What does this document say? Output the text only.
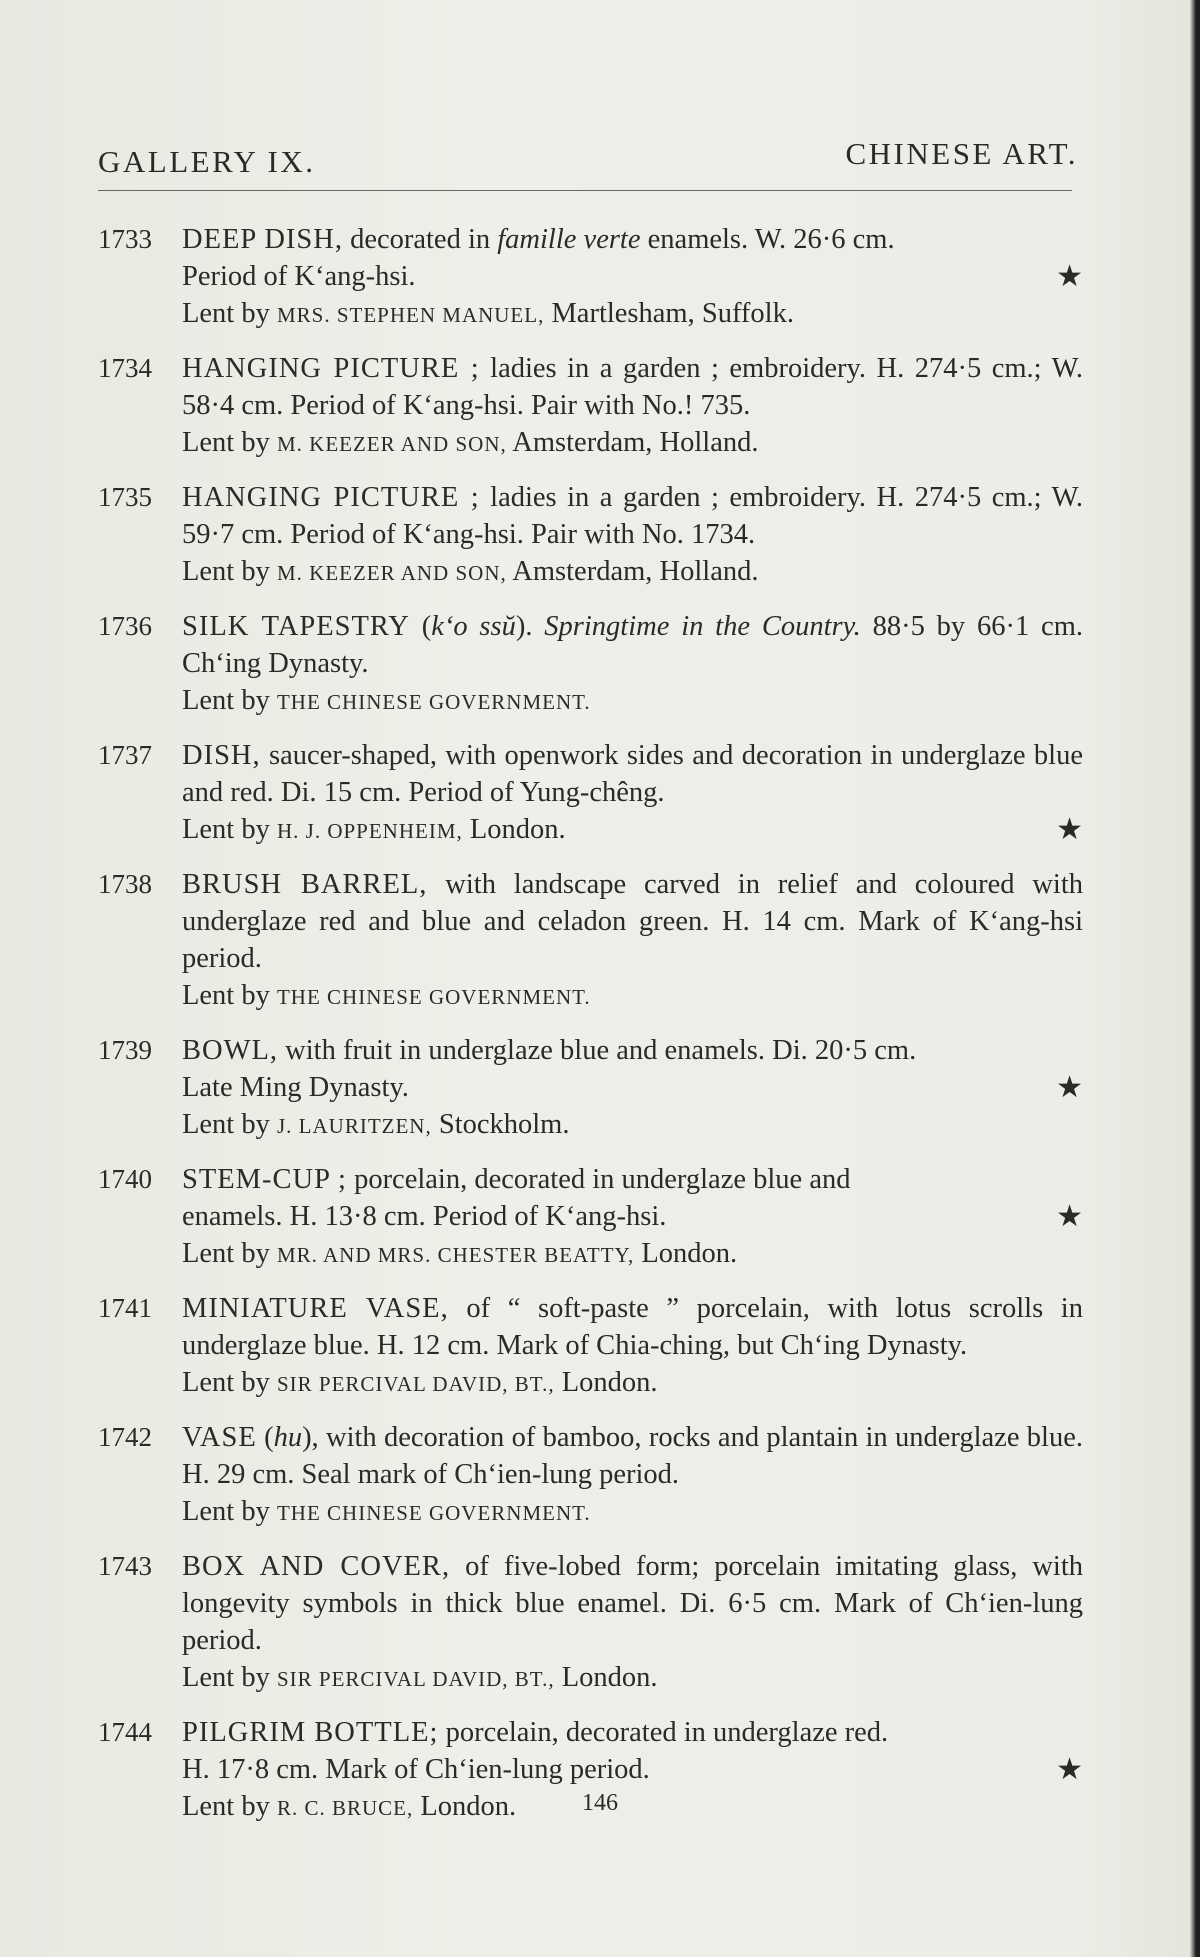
GALLERY IX.	CHINESE ART.
1733 DEEP DISH, decorated in famille verte enamels. W. 26·6 cm.
Period of K‘ang-hsi.	★
Lent by MRS. STEPHEN MANUEL, Martlesham, Suffolk.
1734 HANGING PICTURE ; ladies in a garden ; embroidery. H. 274·5 cm.; W. 58·4 cm. Period of K‘ang-hsi. Pair with No.! 735.
Lent by M. KEEZER AND SON, Amsterdam, Holland.
1735 HANGING PICTURE ; ladies in a garden ; embroidery. H. 274·5 cm.; W. 59·7 cm. Period of K‘ang-hsi. Pair with No. 1734.
Lent by M. KEEZER AND SON, Amsterdam, Holland.
1736 SILK TAPESTRY (k‘o ssŭ). Springtime in the Country. 88·5 by 66·1 cm. Ch‘ing Dynasty.
Lent by THE CHINESE GOVERNMENT.
1737 DISH, saucer-shaped, with openwork sides and decoration in underglaze blue and red. Di. 15 cm. Period of Yung-chêng.
Lent by H. J. OPPENHEIM, London.	★
1738 BRUSH BARREL, with landscape carved in relief and coloured with underglaze red and blue and celadon green. H. 14 cm. Mark of K‘ang-hsi period.
Lent by THE CHINESE GOVERNMENT.
1739 BOWL, with fruit in underglaze blue and enamels. Di. 20·5 cm.
Late Ming Dynasty.	★
Lent by J. LAURITZEN, Stockholm.
1740 STEM-CUP ; porcelain, decorated in underglaze blue and
enamels. H. 13·8 cm. Period of K‘ang-hsi.	★
Lent by MR. AND MRS. CHESTER BEATTY, London.
1741 MINIATURE VASE, of “ soft-paste ” porcelain, with lotus scrolls in underglaze blue. H. 12 cm. Mark of Chia-ching, but Ch‘ing Dynasty.
Lent by SIR PERCIVAL DAVID, BT., London.
1742 VASE (hu), with decoration of bamboo, rocks and plantain in underglaze blue. H. 29 cm. Seal mark of Ch‘ien-lung period.
Lent by THE CHINESE GOVERNMENT.
1743 BOX AND COVER, of five-lobed form; porcelain imitating glass, with longevity symbols in thick blue enamel. Di. 6·5 cm. Mark of Ch‘ien-lung period.
Lent by SIR PERCIVAL DAVID, BT., London.
1744 PILGRIM BOTTLE; porcelain, decorated in underglaze red.
H. 17·8 cm. Mark of Ch‘ien-lung period.	★
Lent by R. C. BRUCE, London.	146
